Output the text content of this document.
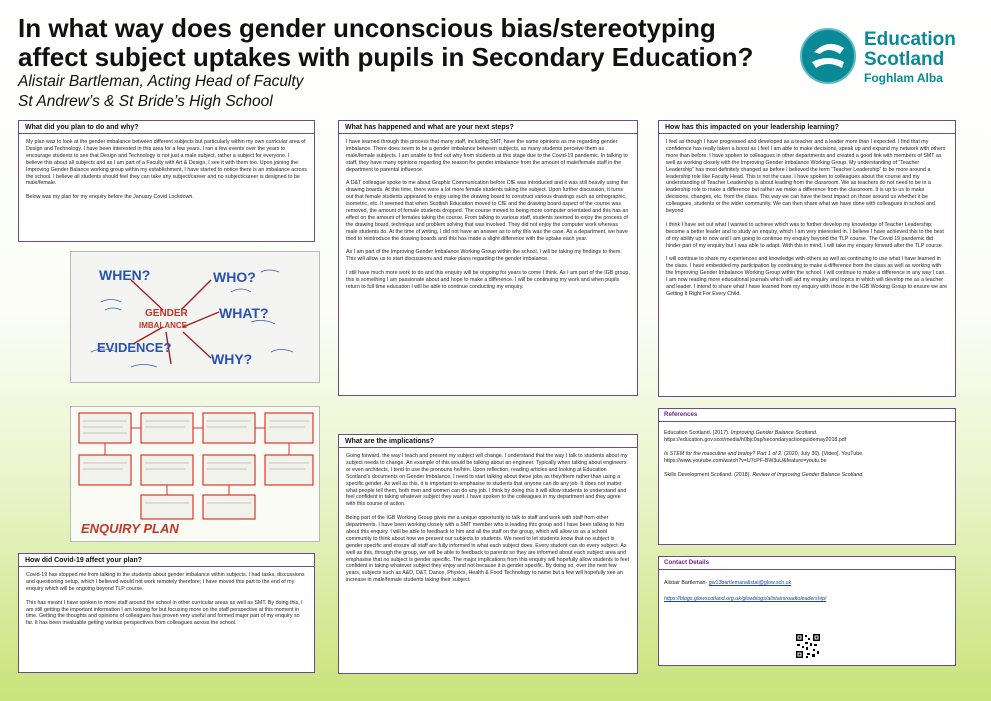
In what way does gender unconscious bias/stereotyping affect subject uptakes with pupils in Secondary Education?
Alistair Bartleman, Acting Head of Faculty
St Andrew’s & St Bride’s High School
Education
Scotland
Foghlam Alba
What did you plan to do and why?

My plan was to look at the gender imbalance between different subjects but particularly within my own curricular area of Design and Technology. I have been interested in this area for a few years. I ran a few events over the years to encourage students to see that Design and Technology is not just a male subject, rather a subject for everyone. I believe this about all subjects and as I am part of a Faculty with Art & Design, I see it with them too. Upon joining the Improving Gender Balance working group within my establishment, I have started to notice there is an imbalance across the school. I believe all students should feel they can take any subject/career and no subject/career is designed to be male/female.

Below was my plan for my enquiry before the January Covid Lockdown.

WHEN?	WHO?
GENDER
IMBALANCE
WHAT?
EVIDENCE?
WHY?
ENQUIRY PLAN
How did Covid-19 affect your plan?

Covid-19 has stopped me from talking to the students about gender imbalance within subjects. I had tasks, discussions and questioning setup, which I believed would not work remotely therefore; I have moved this part to the end of my enquiry which will be ongoing beyond TLP course.

This has meant I have spoken to more staff around the school in other curricular areas as well as SMT. By doing this, I am still getting the important information I am looking for but focusing more on the staff perspective at this moment in time. Getting the thoughts and opinions of colleagues has proven very useful and formed major part of my enquiry so far. It has been invaluable getting various perspectives from colleagues across the school.

What has happened and what are your next steps?

I have learned through this process that many staff, including SMT, have the same opinions as me regarding gender imbalance. There does seem to be a gender imbalance between subjects, as many students perceive them as male/female subjects. I am unable to find out why from students at this stage due to the Covid-19 pandemic. In talking to staff, they have many opinions regarding the reason for gender imbalance from the amount of male/female staff in the department to parental influence.

A D&T colleague spoke to me about Graphic Communication before CfE was introduced and it was still heavily using the drawing boards. At this time, there were a lot more female students taking the subject. Upon further discussion, it turns out that female students appeared to enjoy using the drawing board to construct various drawings such as orthographic, isometric, etc. It seemed that when Scottish Education moved to CfE and the drawing board aspect of the course was removed, the amount of female students dropped. The course moved to being more computer orientated and this has an effect on the amount of females taking the course. From talking to various staff, students seemed to enjoy the process of the drawing board, technique and problem solving that was involved. They did not enjoy the computer work whereas male students do. At the time of writing, I did not have an answer as to why this was the case. As a department, we have tried to reintroduce the drawing boards and this has made a slight difference with the uptake each year.

As I am part of the Improving Gender Imbalance Working Group within the school, I will be taking my findings to them. This will allow us to start discussions and make plans regarding the gender imbalance.

I still have much more work to do and this enquiry will be ongoing for years to come I think. As I am part of the IGB group, this is something I am passionate about and hope to make a difference. I will be continuing my work and when pupils return to full time education I will be able to continue conducting my enquiry.

What are the implications?

Going forward, the way I teach and present my subject will change. I understand that the way I talk to students about my subject needs to change. An example of this would be talking about an engineer. Typically when talking about engineers or even architects, I tend to use the pronouns he/him. Upon reflection, reading articles and looking at Education Scotland’s documents on Gender Imbalance, I need to start talking about these jobs as they/them rather than using a specific gender. As well as this, it is important to emphasise to students that anyone can do any job. It does not matter what people tell them, both men and women can do any job. I think by doing this it will allow students to understand and feel confident in taking whatever subject they want. I have spoken to the colleagues in my department and they agree with this course of action.

Being part of the IGB Working Group gives me a unique opportunity to talk to staff and work with staff from other departments. I have been working closely with a SMT member who is leading this group and I have been talking to him about this enquiry. I will be able to feedback to him and all the staff on the group, which will allow us as a school community to think about how we present our subjects to students. We need to let students know that no subject is gender specific and ensure all staff are fully informed in what each subject does. Every student can do every subject. As well as this, through the group, we will be able to feedback to parents so they are informed about each subject area and emphasise that no subject is gender specific. The major implications from this enquiry will hopefully allow students to feel confident in taking whatever subject they enjoy and not because it is gender specific. By doing so, over the next few years, subjects such as A&D, D&T, Dance, Physics, Health & Food Technology to name but a few will hopefully see an increase in male/female students taking their subject.

How has this impacted on your leadership learning?

I feel as though I have progressed and developed as a teacher and a leader more than I expected. I find that my confidence has really taken a boost as I feel I am able to make decisions, speak up and expand my network with others more than before. I have spoken to colleagues in other departments and created a good link with members of SMT as well as working closely with the Improving Gender Imbalance Working Group. My understanding of “Teacher Leadership” has most definitely changed as before I believed the term “Teacher Leadership” to be more around a leadership role like Faculty Head. This is not the case. I have spoken to colleagues about the course and my understanding of Teacher Leadership is about leading from the classroom. We as teachers do not need to be in a leadership role to make a difference but rather we make a difference from the classroom. It is up to us to make decisions, changes, etc. from the class. This way we can have the best impact on those around us whether it be colleagues, students or the wider community. We can then share what we have done with colleagues in school and beyond.

I think I have set out what I wanted to achieve which was to further develop my knowledge of Teacher Leadership; become a better leader and to study an enquiry, which I am very interested in. I believe I have achieved this to the best of my ability up to now and I am going to continue my enquiry beyond the TLP course. The Covid 19 pandemic did hinder part of my enquiry but I was able to adapt. With this in mind, I will take my enquiry forward after the TLP course.

I will continue to share my experiences and knowledge with others as well as continuing to use what I have learned in the class. I have embedded my participation by continuing to make a difference from the class as well as working with the Improving Gender Imbalance Working Group within the school. I will continue to make a difference in any way I can. I am now reading more educational journals which will aid my enquiry and topics in which will develop me as a teacher and leader. I intend to share what I have learned from my enquiry with those in the IGB Working Group to ensure we are Getting It Right For Every Child.

References

Education Scotland. (2017). Improving Gender Balance Scotland.
https://education.gov.scot/media/h0bjc0ap/secondaryactionguidemay2018.pdf

Is STEM for the masculine and brainy? Part 1 of 2. (2020, July 30). [Video]. YouTube.
https://www.youtube.com/watch?v=U7cPF-BW3uU&feature=youtu.be

Skills Development Scotland. (2018). Review of Improving Gender Balance Scotland.

Contact Details

Alistair Bartleman- gw13bartlemanalistai@glow.sch.uk

https://blogs.glowscotland.org.uk/glowblogs/alistairsroadtoleadership/
